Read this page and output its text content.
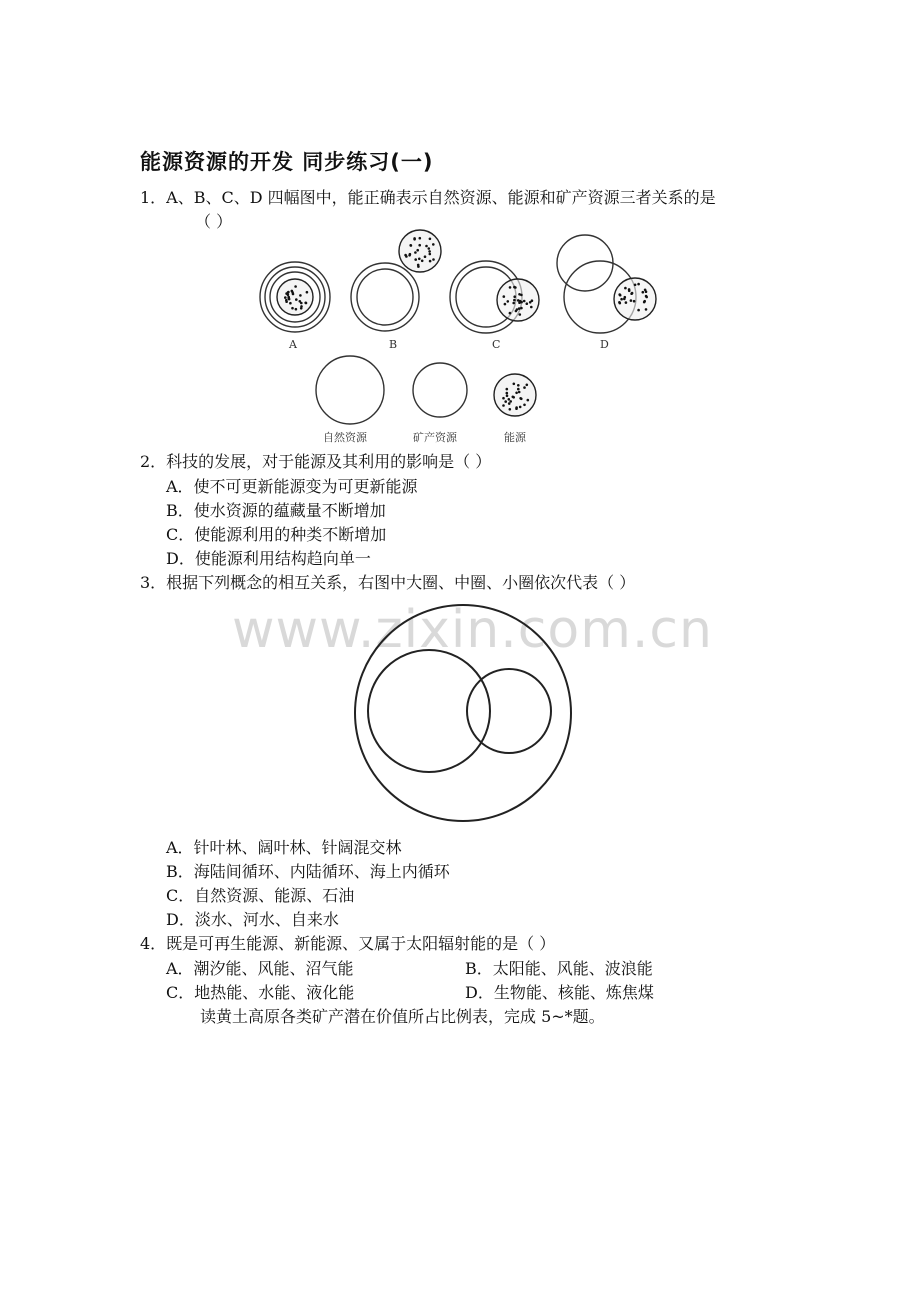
www.zixin.com.cn
能源资源的开发 同步练习(一)
1．A、B、C、D 四幅图中，能正确表示自然资源、能源和矿产资源三者关系的是
（ ）
A	B	C	D
自然资源	矿产资源	能源
2．科技的发展，对于能源及其利用的影响是（ ）
A．使不可更新能源变为可更新能源
B．使水资源的蕴藏量不断增加
C．使能源利用的种类不断增加
D．使能源利用结构趋向单一
3．根据下列概念的相互关系，右图中大圈、中圈、小圈依次代表（ ）
A．针叶林、阔叶林、针阔混交林
B．海陆间循环、内陆循环、海上内循环
C．自然资源、能源、石油
D．淡水、河水、自来水
4．既是可再生能源、新能源、又属于太阳辐射能的是（ ）
A．潮汐能、风能、沼气能	B．太阳能、风能、波浪能
C．地热能、水能、液化能	D．生物能、核能、炼焦煤
读黄土高原各类矿产潜在价值所占比例表，完成 5~*题。
